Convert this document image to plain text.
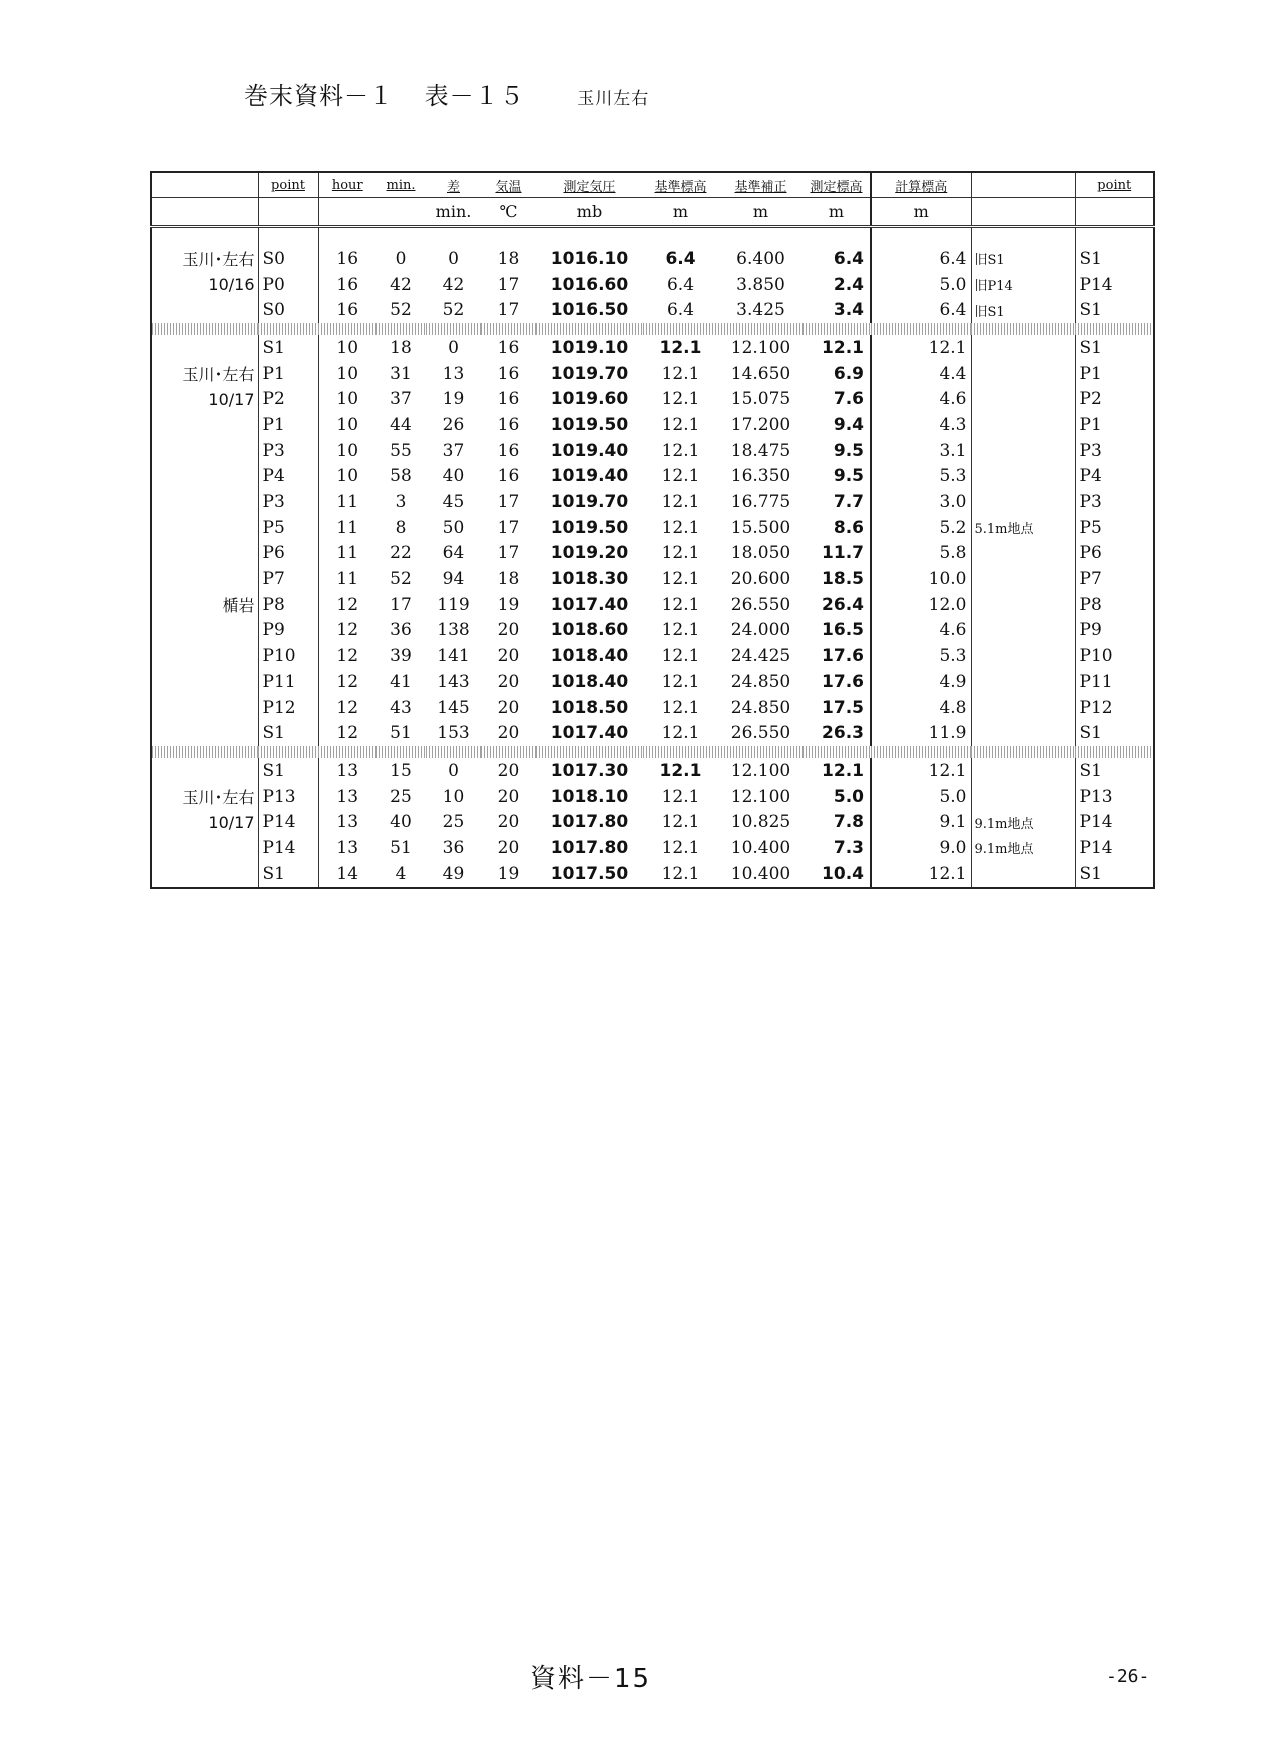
巻末資料－１ 表－１５	玉川左右
	point	hour	min.	差	気温	測定気圧	基準標高	基準補正	測定標高	計算標高		point
				min.	℃	mb	m	m	m	m		

玉川･左右	S0	16	0	0	18	1016.10	6.4	6.400	6.4	6.4	旧S1	S1
10/16	P0	16	42	42	17	1016.60	6.4	3.850	2.4	5.0	旧P14	P14
	S0	16	52	52	17	1016.50	6.4	3.425	3.4	6.4	旧S1	S1

	S1	10	18	0	16	1019.10	12.1	12.100	12.1	12.1		S1
玉川･左右	P1	10	31	13	16	1019.70	12.1	14.650	6.9	4.4		P1
10/17	P2	10	37	19	16	1019.60	12.1	15.075	7.6	4.6		P2
	P1	10	44	26	16	1019.50	12.1	17.200	9.4	4.3		P1
	P3	10	55	37	16	1019.40	12.1	18.475	9.5	3.1		P3
	P4	10	58	40	16	1019.40	12.1	16.350	9.5	5.3		P4
	P3	11	3	45	17	1019.70	12.1	16.775	7.7	3.0		P3
	P5	11	8	50	17	1019.50	12.1	15.500	8.6	5.2	5.1m地点	P5
	P6	11	22	64	17	1019.20	12.1	18.050	11.7	5.8		P6
	P7	11	52	94	18	1018.30	12.1	20.600	18.5	10.0		P7
楯岩	P8	12	17	119	19	1017.40	12.1	26.550	26.4	12.0		P8
	P9	12	36	138	20	1018.60	12.1	24.000	16.5	4.6		P9
	P10	12	39	141	20	1018.40	12.1	24.425	17.6	5.3		P10
	P11	12	41	143	20	1018.40	12.1	24.850	17.6	4.9		P11
	P12	12	43	145	20	1018.50	12.1	24.850	17.5	4.8		P12
	S1	12	51	153	20	1017.40	12.1	26.550	26.3	11.9		S1

	S1	13	15	0	20	1017.30	12.1	12.100	12.1	12.1		S1
玉川･左右	P13	13	25	10	20	1018.10	12.1	12.100	5.0	5.0		P13
10/17	P14	13	40	25	20	1017.80	12.1	10.825	7.8	9.1	9.1m地点	P14
	P14	13	51	36	20	1017.80	12.1	10.400	7.3	9.0	9.1m地点	P14
	S1	14	4	49	19	1017.50	12.1	10.400	10.4	12.1		S1
資料－15	-26-
